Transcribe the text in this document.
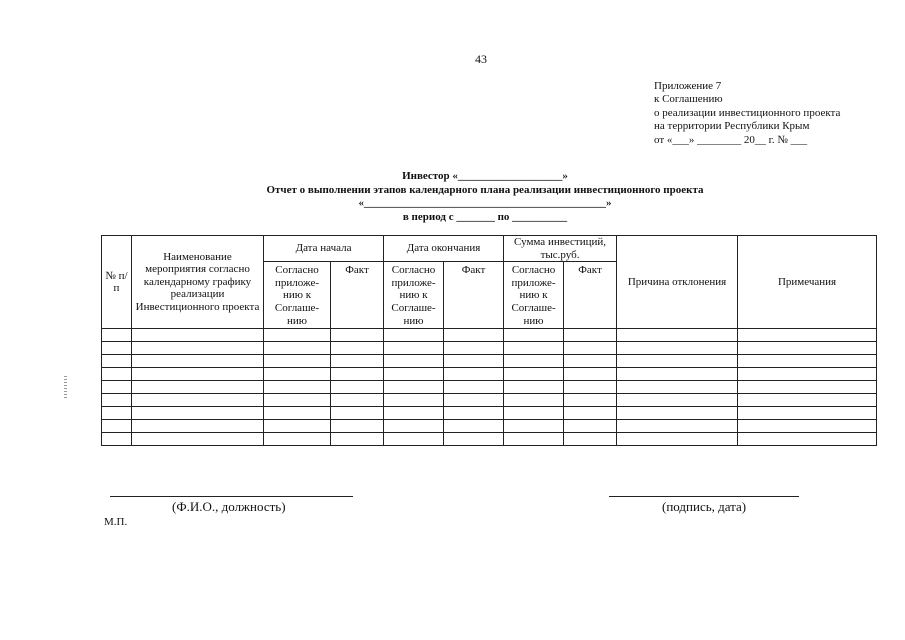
43
Приложение 7
к Соглашению
о реализации инвестиционного проекта
на территории Республики Крым
от «___» ________ 20__ г. № ___
Инвестор «___________________»
Отчет о выполнении этапов календарного плана реализации инвестиционного проекта
«____________________________________________»
в период с _______ по __________
№ п/п	Наименование мероприятия согласно календарному графику реализации Инвестиционного проекта	Дата начала		Дата окончания		Сумма инвестиций, тыс.руб.		Причина отклонения	Примечания
		Согласно приложе-нию к Соглаше-нию	Факт	Согласно приложе-нию к Соглаше-нию	Факт	Согласно приложе-нию к Соглаше-нию	Факт		

(Ф.И.О., должность)	(подпись, дата)
М.П.
